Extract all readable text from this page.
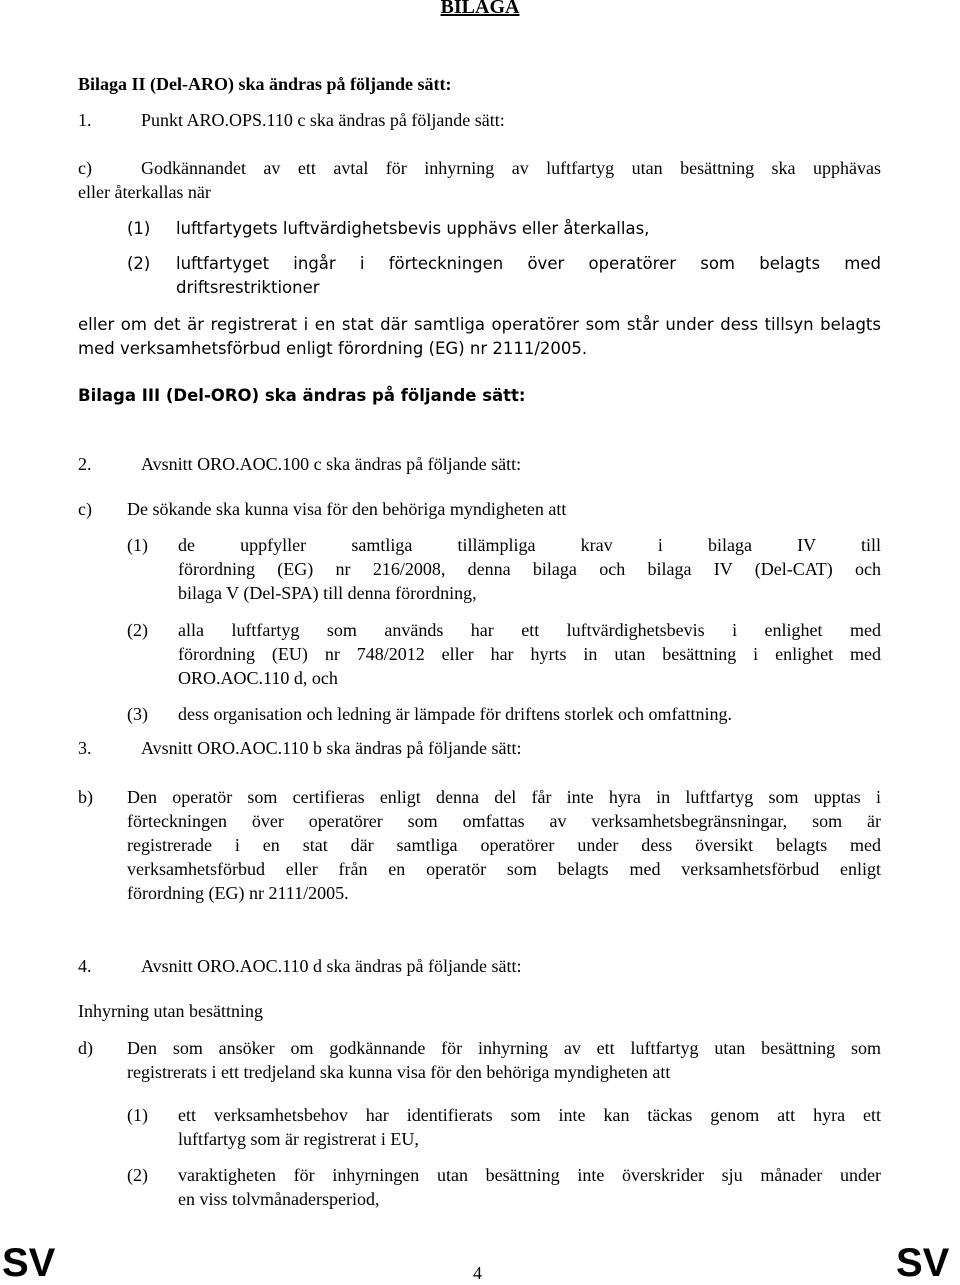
BILAGA
Bilaga II (Del-ARO) ska ändras på följande sätt:
1.	Punkt ARO.OPS.110 c ska ändras på följande sätt:
c)	Godkännandet av ett avtal för inhyrning av luftfartyg utan besättning ska upphävas
eller återkallas när
(1) luftfartygets luftvärdighetsbevis upphävs eller återkallas,
(2) luftfartyget ingår i förteckningen över operatörer som belagts med
driftsrestriktioner
eller om det är registrerat i en stat där samtliga operatörer som står under dess tillsyn belagts
med verksamhetsförbud enligt förordning (EG) nr 2111/2005.
Bilaga III (Del-ORO) ska ändras på följande sätt:
2.	Avsnitt ORO.AOC.100 c ska ändras på följande sätt:
c) De sökande ska kunna visa för den behöriga myndigheten att
(1) de uppfyller samtliga tillämpliga krav i bilaga IV till
förordning (EG) nr 216/2008, denna bilaga och bilaga IV (Del-CAT) och
bilaga V (Del-SPA) till denna förordning,
(2) alla luftfartyg som används har ett luftvärdighetsbevis i enlighet med
förordning (EU) nr 748/2012 eller har hyrts in utan besättning i enlighet med
ORO.AOC.110 d, och
(3) dess organisation och ledning är lämpade för driftens storlek och omfattning.
3.	Avsnitt ORO.AOC.110 b ska ändras på följande sätt:
b) Den operatör som certifieras enligt denna del får inte hyra in luftfartyg som upptas i
förteckningen över operatörer som omfattas av verksamhetsbegränsningar, som är
registrerade i en stat där samtliga operatörer under dess översikt belagts med
verksamhetsförbud eller från en operatör som belagts med verksamhetsförbud enligt
förordning (EG) nr 2111/2005.
4.	Avsnitt ORO.AOC.110 d ska ändras på följande sätt:
Inhyrning utan besättning
d) Den som ansöker om godkännande för inhyrning av ett luftfartyg utan besättning som
registrerats i ett tredjeland ska kunna visa för den behöriga myndigheten att
(1) ett verksamhetsbehov har identifierats som inte kan täckas genom att hyra ett
luftfartyg som är registrerat i EU,
(2) varaktigheten för inhyrningen utan besättning inte överskrider sju månader under
en viss tolvmånadersperiod,
SV	4	SV
